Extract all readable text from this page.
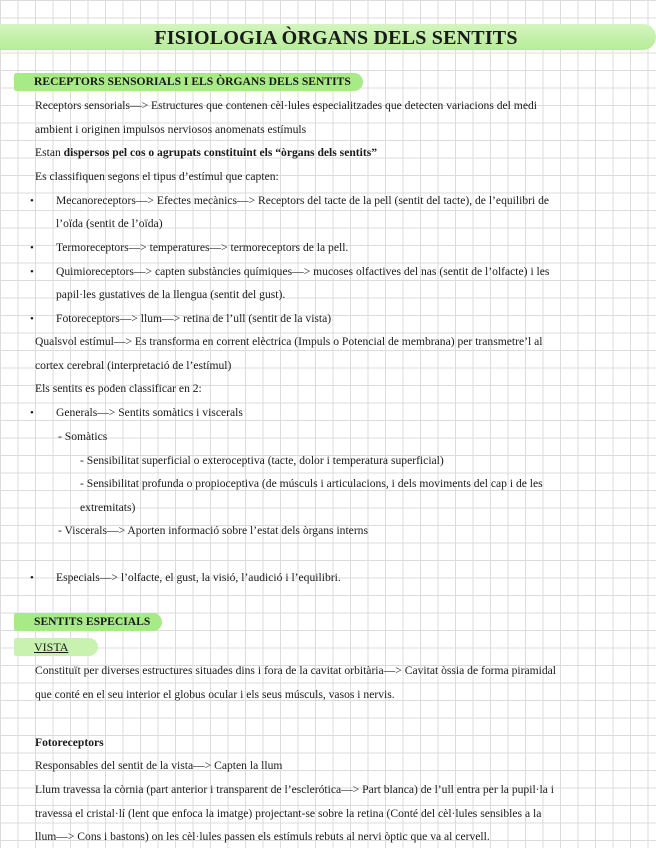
FISIOLOGIA ÒRGANS DELS SENTITS
RECEPTORS SENSORIALS I ELS ÒRGANS DELS SENTITS
Receptors sensorials—> Estructures que contenen cèl·lules especialitzades que detecten variacions del medi
ambient i originen impulsos nerviosos anomenats estímuls
Estan dispersos pel cos o agrupats constituint els “òrgans dels sentits”
Es classifiquen segons el tipus d’estímul que capten:
• Mecanoreceptors—> Efectes mecànics—> Receptors del tacte de la pell (sentit del tacte), de l’equilibri de
l’oïda (sentit de l’oïda)
• Termoreceptors—> temperatures—> termoreceptors de la pell.
• Quimioreceptors—> capten substàncies químiques—> mucoses olfactives del nas (sentit de l’olfacte) i les
papil·les gustatives de la llengua (sentit del gust).
• Fotoreceptors—> llum—> retina de l’ull (sentit de la vista)
Qualsvol estímul—> Es transforma en corrent elèctrica (Impuls o Potencial de membrana) per transmetre’l al
cortex cerebral (interpretació de l’estímul)
Els sentits es poden classificar en 2:
• Generals—> Sentits somàtics i viscerals
- Somàtics
- Sensibilitat superficial o exteroceptiva (tacte, dolor i temperatura superficial)
- Sensibilitat profunda o propioceptiva (de músculs i articulacions, i dels moviments del cap i de les
extremitats)
- Viscerals—> Aporten informació sobre l’estat dels òrgans interns
• Especials—> l’olfacte, el gust, la visió, l’audició i l’equilibri.
SENTITS ESPECIALS
VISTA
Constituït per diverses estructures situades dins i fora de la cavitat orbitària—> Cavitat òssia de forma piramidal
que conté en el seu interior el globus ocular i els seus músculs, vasos i nervis.
Fotoreceptors
Responsables del sentit de la vista—> Capten la llum
Llum travessa la còrnia (part anterior i transparent de l’esclerótica—> Part blanca) de l’ull entra per la pupil·la i
travessa el cristal·lí (lent que enfoca la imatge) projectant-se sobre la retina (Conté del cèl·lules sensibles a la
llum—> Cons i bastons) on les cèl·lules passen els estímuls rebuts al nervi òptic que va al cervell.
